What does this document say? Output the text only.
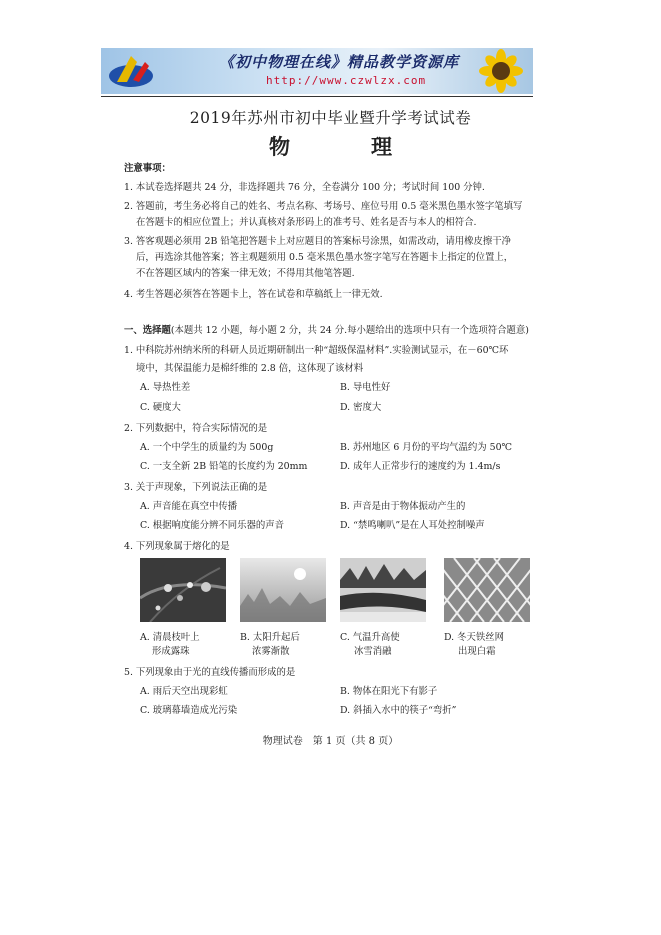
《初中物理在线》精品教学资源库
http://www.czwlzx.com
2019年苏州市初中毕业暨升学考试试卷
物　理
注意事项：
1. 本试卷选择题共 24 分，非选择题共 76 分，全卷满分 100 分；考试时间 100 分钟.
2. 答题前，考生务必将自己的姓名、考点名称、考场号、座位号用 0.5 毫米黑色墨水签字笔填写
在答题卡的相应位置上；并认真核对条形码上的准考号、姓名是否与本人的相符合.
3. 答客观题必须用 2B 铅笔把答题卡上对应题目的答案标号涂黑，如需改动，请用橡皮擦干净
后，再选涂其他答案；答主观题须用 0.5 毫米黑色墨水签字笔写在答题卡上指定的位置上，
不在答题区域内的答案一律无效；不得用其他笔答题.
4. 考生答题必须答在答题卡上，答在试卷和草稿纸上一律无效.
一、选择题(本题共 12 小题，每小题 2 分，共 24 分.每小题给出的选项中只有一个选项符合题意)
1. 中科院苏州纳米所的科研人员近期研制出一种“超级保温材料”.实验测试显示，在－60℃环
境中，其保温能力是棉纤维的 2.8 倍，这体现了该材料
A. 导热性差	B. 导电性好
C. 硬度大	D. 密度大
2. 下列数据中，符合实际情况的是
A. 一个中学生的质量约为 500g	B. 苏州地区 6 月份的平均气温约为 50℃
C. 一支全新 2B 铅笔的长度约为 20mm	D. 成年人正常步行的速度约为 1.4m/s
3. 关于声现象，下列说法正确的是
A. 声音能在真空中传播	B. 声音是由于物体振动产生的
C. 根据响度能分辨不同乐器的声音	D. “禁鸣喇叭”是在人耳处控制噪声
4. 下列现象属于熔化的是
A. 清晨枝叶上
形成露珠
B. 太阳升起后
浓雾渐散
C. 气温升高使
冰雪消融
D. 冬天铁丝网
出现白霜
5. 下列现象由于光的直线传播而形成的是
A. 雨后天空出现彩虹	B. 物体在阳光下有影子
C. 玻璃幕墙造成光污染	D. 斜插入水中的筷子“弯折”
物理试卷　第 1 页（共 8 页）
